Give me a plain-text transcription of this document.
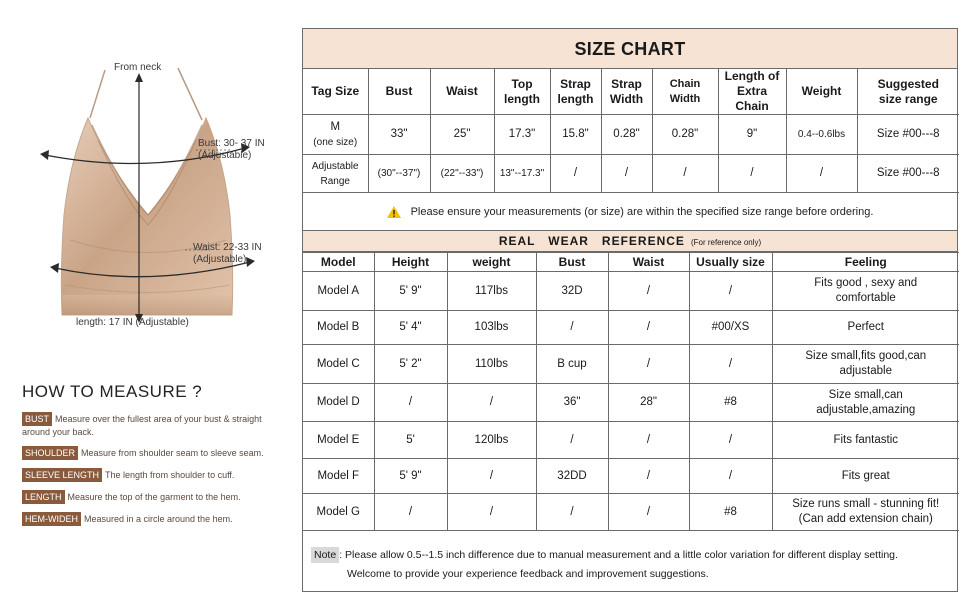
From neck
Bust: 30- 37 IN
(Adjustable)
Waist: 22-33 IN
(Adjustable)
length: 17 IN (Adjustable)
HOW TO MEASURE ?
BUST Measure over the fullest area of your bust & straight
around your back.
SHOULDER Measure from shoulder seam to sleeve seam.
SLEEVE LENGTH The length from shoulder to cuff.
LENGTH Measure the top of the garment to the hem.
HEM-WIDEH Measured in a circle around the hem.
SIZE CHART
Tag Size	Bust	Waist	Top
length	Strap
length	Strap
Width	Chain
Width	Length of
Extra Chain	Weight	Suggested
size range
M
(one size)	33"	25"	17.3"	15.8"	0.28"	0.28"	9"	0.4--0.6lbs	Size #00---8
Adjustable
Range	(30"--37")	(22"--33")	13"--17.3"	/	/	/	/	/	Size #00---8
Please ensure your measurements (or size) are within the specified size range before ordering.
REAL   WEAR   REFERENCE (For reference only)
Model	Height	weight	Bust	Waist	Usually size	Feeling
Model A	5' 9"	117lbs	32D	/	/	Fits good , sexy and
comfortable
Model B	5' 4"	103lbs	/	/	#00/XS	Perfect
Model C	5' 2"	110lbs	B cup	/	/	Size small,fits good,can
adjustable
Model D	/	/	36"	28"	#8	Size small,can
adjustable,amazing
Model E	5'	120lbs	/	/	/	Fits fantastic
Model F	5' 9"	/	32DD	/	/	Fits great
Model G	/	/	/	/	#8	Size runs small - stunning fit!
(Can add extension chain)
Note : Please allow 0.5--1.5 inch difference due to manual measurement and a little color variation for different display setting.
Welcome to provide your experience feedback and improvement suggestions.
